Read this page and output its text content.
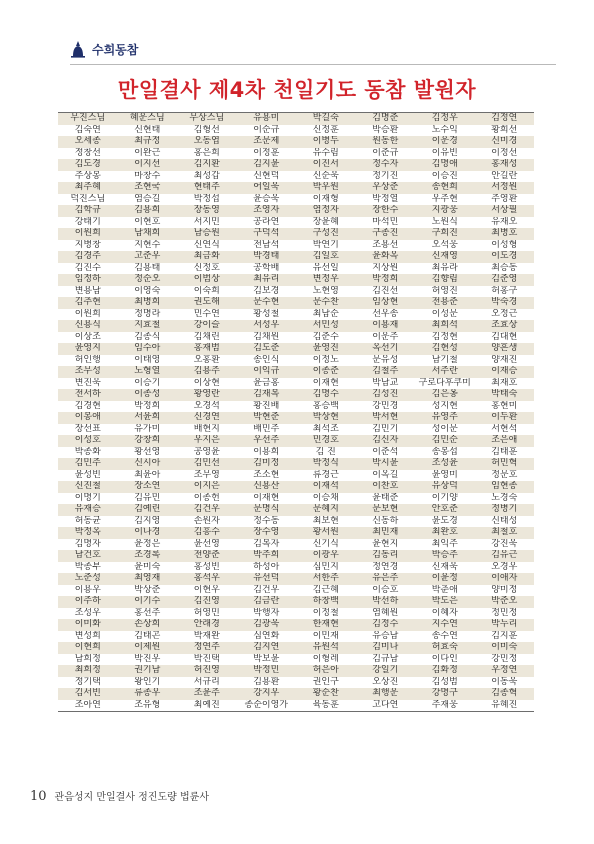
수희동참
만일결사 제4차 천일기도 동참 발원자
무진스님	혜운스님	무상스님	유용미	박길숙	김명준	김정우	김정연
김숙연	신현태	김형선	이순규	신정훈	박승환	노수익	황희선
오세종	최규정	오동엽	조문제	이병두	원동한	이운경	신미경
정창선	이완근	홍은희	이정훈	유수림	이준규	이유빈	이정선
김도경	이지선	김지환	김지윤	이진서	정수자	김명애	홍재성
주상봉	마창수	최성갑	신현덕	신순욱	정기진	이승진	안길란
최주혜	조현국	현태주	어일욱	박우원	우상준	송현희	서정원
덕진스님	염승길	박정섭	윤승욱	이재형	박정열	우주현	주영환
김학규	김용희	장동영	조영자	염정자	장한수	지광웅	서상필
강태기	이현호	서지민	공라연	장윤혜	마석민	노원식	유재오
이원희	남채희	남승원	구덕석	구성진	구종진	구희진	최병호
지병창	지현수	신연식	전남석	박연기	조용선	오석웅	이성형
김경주	고준우	최금화	박경태	김일호	윤화옥	신재영	이도경
김진수	김용태	신정호	공학배	유선일	지상원	최유라	최승동
임정하	정순오	이범상	최유리	변정우	박정희	김향림	김준영
변용남	이영숙	이숙희	김보경	노현영	김진선	허영진	허홍구
김추현	최병희	권도해	문수현	문수찬	임상현	전용준	박숙경
이원희	정명라	민수연	황성철	최남순	선우송	이성문	오정근
신용식	지효철	강이슬	서성우	서민성	이용재	최희석	조효상
이상조	김종식	김채린	김채원	김준수	이운주	김정현	김대현
윤영지	임수아	홍재범	김도준	윤영진	옥선기	김현성	양흔생
허인행	이태영	오홍환	송인식	이정노	문유성	남기철	양재진
조무성	노형열	김용주	이익규	이종준	김철주	서주란	이재승
변진욱	이승기	이상현	윤금홍	이재현	박남교	구로다후쿠미	최재호
전서하	이종성	황영란	김재복	김명수	김성진	김은옹	박태숙
김경현	박정희	오경석	황진배	홍승백	강민경	성지현	홍현미
이봉애	서윤희	신경연	박현준	박상현	박서현	유영주	이두환
장선표	유가미	배현지	배민주	최석조	김민기	성이문	서현석
이성호	강창희	우지은	우선주	민경호	김신자	김민순	조은애
박종화	황선영	공영윤	이용희	김 진	이준석	송봉섭	김태훈
김민주	신시아	김민선	김미정	박정식	박시윤	조성윤	허민혁
윤성빈	최윤아	조무영	조소현	류경근	이옥길	윤영미	정문호
신진철	장소연	이지은	신용산	이재석	이찬호	유상덕	임현종
이명기	김유민	이종헌	이재현	이승채	윤태준	이기양	노경숙
유재승	김예린	김건우	문명식	문혜지	문보현	안호준	정병기
허동균	김지영	손원자	정수동	최보현	신동하	윤도경	신태성
박정옥	이나경	김흥수	장수영	황서원	최민재	최완호	최철호
김명자	윤정은	윤선영	김복자	신기식	윤현지	최익주	강진욱
남건호	조경록	전양준	박주희	이광우	김동리	박승주	김유근
박종부	윤미숙	홍성빈	하성아	심민지	정연경	신재욱	오경우
노준성	최영재	홍석우	유선덕	서한주	유은주	이윤정	이애자
이용우	박상준	이현우	김건우	김근혜	이승호	박춘애	양미정
이주하	이기수	김진영	김금란	하창백	박선하	박도은	박준오
조성우	홍선주	허영민	박행자	이정철	염혜원	이혜자	정민정
이미화	손상희	안래경	김광욱	한재현	김정수	지수연	박누리
변성희	김태곤	박재완	심연화	이민재	유승남	송수연	김지훈
이현희	이제원	정연주	김지연	유원석	김미나	허효숙	이미숙
남희정	박진우	박진택	박보윤	이형레	김규남	이다인	강민정
최희정	권기남	허진영	박정민	허은아	강일기	김화정	우정연
정기택	왕인기	서규리	김용환	권인구	오상진	김성범	이동욱
김서빈	류종우	조윤주	강지우	황순찬	최행운	강명구	김종혁
조아연	조유형	최예진	종순이영가	육동훈	고다연	주재웅	유혜진
10 관음성지 만일결사 정진도량 법륜사
